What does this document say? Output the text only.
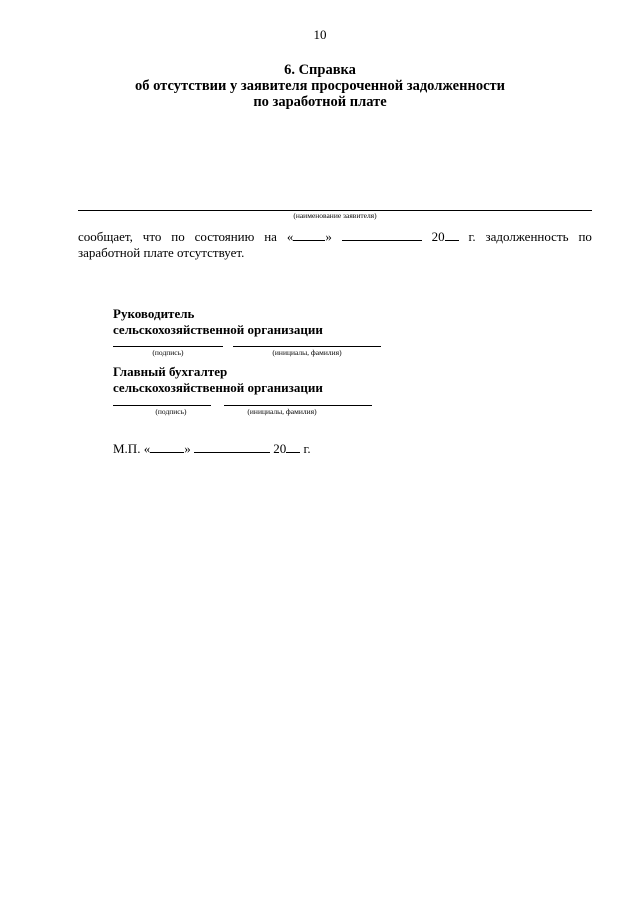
10
6. Справка
об отсутствии у заявителя просроченной задолженности
по заработной плате
(наименование заявителя)
сообщает, что по состоянию на « »	20	г. задолженность по
заработной плате отсутствует.
Руководитель
сельскохозяйственной организации
(подпись)	(инициалы, фамилия)
Главный бухгалтер
сельскохозяйственной организации
(подпись)	(инициалы, фамилия)
М.П. «	»	20 г.
